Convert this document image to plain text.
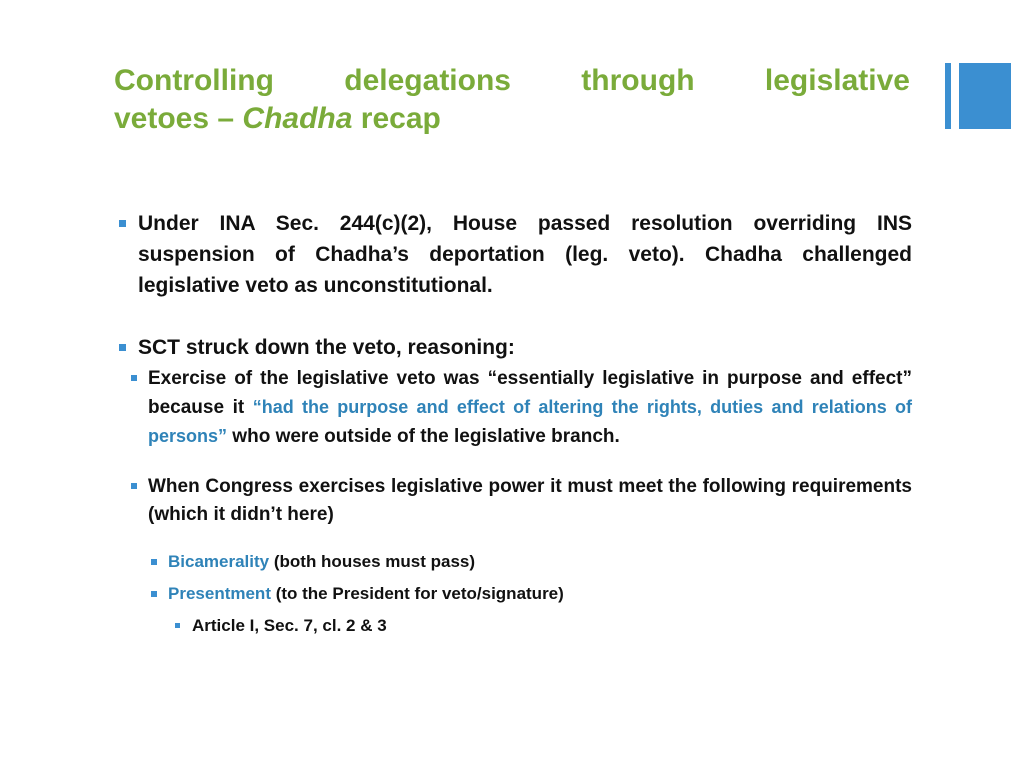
Controlling delegations through legislative
vetoes – Chadha recap
Under INA Sec. 244(c)(2), House passed resolution overriding INS suspension of Chadha’s deportation (leg. veto). Chadha challenged legislative veto as unconstitutional.
SCT struck down the veto, reasoning:
Exercise of the legislative veto was “essentially legislative in purpose and effect” because it “had the purpose and effect of altering the rights, duties and relations of persons” who were outside of the legislative branch.
When Congress exercises legislative power it must meet the following requirements (which it didn’t here)
Bicamerality (both houses must pass)
Presentment (to the President for veto/signature)
Article I, Sec. 7, cl. 2 & 3
